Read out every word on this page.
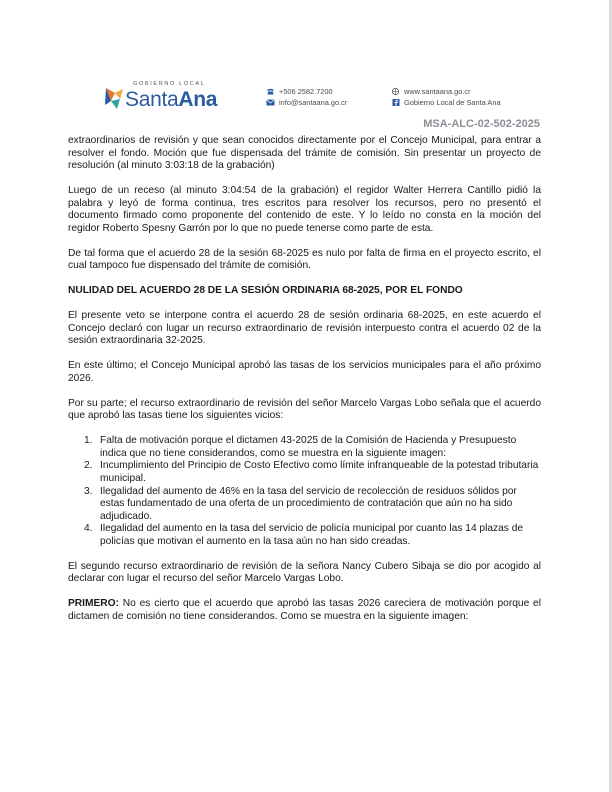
GOBIERNO LOCAL
SantaAna	+506 2582.7200
info@santaana.go.cr
www.santaana.go.cr
Gobierno Local de Santa Ana
MSA-ALC-02-502-2025

extraordinarios de revisión y que sean conocidos directamente por el Concejo Municipal, para entrar a resolver el fondo. Moción que fue dispensada del trámite de comisión. Sin presentar un proyecto de resolución (al minuto 3:03:18 de la grabación)

Luego de un receso (al minuto 3:04:54 de la grabación) el regidor Walter Herrera Cantillo pidió la palabra y leyó de forma continua, tres escritos para resolver los recursos, pero no presentó el documento firmado como proponente del contenido de este. Y lo leído no consta en la moción del regidor Roberto Spesny Garrón por lo que no puede tenerse como parte de esta.

De tal forma que el acuerdo 28 de la sesión 68-2025 es nulo por falta de firma en el proyecto escrito, el cual tampoco fue dispensado del trámite de comisión.

NULIDAD DEL ACUERDO 28 DE LA SESIÓN ORDINARIA 68-2025, POR EL FONDO

El presente veto se interpone contra el acuerdo 28 de sesión ordinaria 68-2025, en este acuerdo el Concejo declaró con lugar un recurso extraordinario de revisión interpuesto contra el acuerdo 02 de la sesión extraordinaria 32-2025.

En este último; el Concejo Municipal aprobó las tasas de los servicios municipales para el año próximo 2026.

Por su parte; el recurso extraordinario de revisión del señor Marcelo Vargas Lobo señala que el acuerdo que aprobó las tasas tiene los siguientes vicios:

1. Falta de motivación porque el dictamen 43-2025 de la Comisión de Hacienda y Presupuesto indica que no tiene considerandos, como se muestra en la siguiente imagen:
2. Incumplimiento del Principio de Costo Efectivo como límite infranqueable de la potestad tributaria municipal.
3. Ilegalidad del aumento de 46% en la tasa del servicio de recolección de residuos sólidos por estas fundamentado de una oferta de un procedimiento de contratación que aún no ha sido adjudicado.
4. Ilegalidad del aumento en la tasa del servicio de policía municipal por cuanto las 14 plazas de policías que motivan el aumento en la tasa aún no han sido creadas.

El segundo recurso extraordinario de revisión de la señora Nancy Cubero Sibaja se dio por acogido al declarar con lugar el recurso del señor Marcelo Vargas Lobo.

PRIMERO: No es cierto que el acuerdo que aprobó las tasas 2026 careciera de motivación porque el dictamen de comisión no tiene considerandos. Como se muestra en la siguiente imagen:
